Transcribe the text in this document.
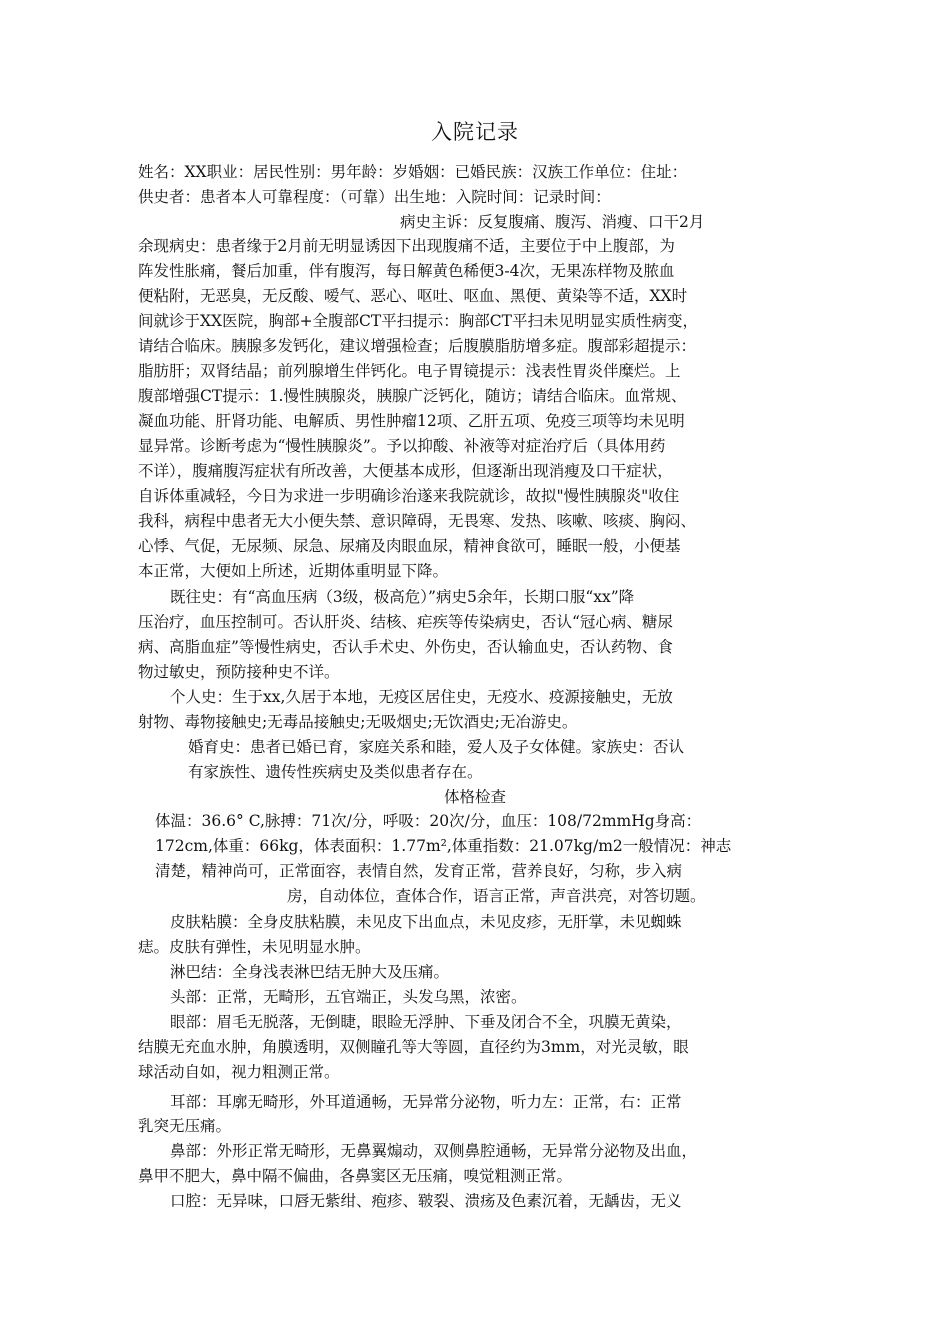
入院记录
姓名：XX职业：居民性别：男年龄：岁婚姻：已婚民族：汉族工作单位：住址：
供史者：患者本人可靠程度：（可靠）出生地：入院时间：记录时间：
病史主诉：反复腹痛、腹泻、消瘦、口干2月
余现病史：患者缘于2月前无明显诱因下出现腹痛不适，主要位于中上腹部，为
阵发性胀痛，餐后加重，伴有腹泻，每日解黄色稀便3-4次，无果冻样物及脓血
便粘附，无恶臭，无反酸、嗳气、恶心、呕吐、呕血、黑便、黄染等不适，XX时
间就诊于XX医院，胸部+全腹部CT平扫提示：胸部CT平扫未见明显实质性病变，
请结合临床。胰腺多发钙化，建议增强检查；后腹膜脂肪增多症。腹部彩超提示：
脂肪肝；双肾结晶；前列腺增生伴钙化。电子胃镜提示：浅表性胃炎伴糜烂。上
腹部增强CT提示：1.慢性胰腺炎，胰腺广泛钙化，随访；请结合临床。血常规、
凝血功能、肝肾功能、电解质、男性肿瘤12项、乙肝五项、免疫三项等均未见明
显异常。诊断考虑为“慢性胰腺炎”。予以抑酸、补液等对症治疗后（具体用药
不详），腹痛腹泻症状有所改善，大便基本成形，但逐渐出现消瘦及口干症状，
自诉体重减轻，今日为求进一步明确诊治遂来我院就诊，故拟"慢性胰腺炎"收住
我科，病程中患者无大小便失禁、意识障碍，无畏寒、发热、咳嗽、咳痰、胸闷、
心悸、气促，无尿频、尿急、尿痛及肉眼血尿，精神食欲可，睡眠一般，小便基
本正常，大便如上所述，近期体重明显下降。
既往史：有“高血压病（3级，极高危）”病史5余年，长期口服“xx”降
压治疗，血压控制可。否认肝炎、结核、疟疾等传染病史，否认“冠心病、糖尿
病、高脂血症”等慢性病史，否认手术史、外伤史，否认输血史，否认药物、食
物过敏史，预防接种史不详。
个人史：生于xx,久居于本地，无疫区居住史，无疫水、疫源接触史，无放
射物、毒物接触史;无毒品接触史;无吸烟史;无饮酒史;无冶游史。
婚育史：患者已婚已育，家庭关系和睦，爱人及子女体健。家族史：否认
有家族性、遗传性疾病史及类似患者存在。
体格检查
体温：36.6° C,脉搏：71次/分，呼吸：20次/分，血压：108/72mmHg身高：
172cm,体重：66kg，体表面积：1.77m²,体重指数：21.07kg/m2一般情况：神志
清楚，精神尚可，正常面容，表情自然，发育正常，营养良好，匀称，步入病
房，自动体位，查体合作，语言正常，声音洪亮，对答切题。
皮肤粘膜：全身皮肤粘膜，未见皮下出血点，未见皮疹，无肝掌，未见蜘蛛
痣。皮肤有弹性，未见明显水肿。
淋巴结：全身浅表淋巴结无肿大及压痛。
头部：正常，无畸形，五官端正，头发乌黑，浓密。
眼部：眉毛无脱落，无倒睫，眼睑无浮肿、下垂及闭合不全，巩膜无黄染，
结膜无充血水肿，角膜透明，双侧瞳孔等大等圆，直径约为3mm，对光灵敏，眼
球活动自如，视力粗测正常。
耳部：耳廓无畸形，外耳道通畅，无异常分泌物，听力左：正常，右：正常
乳突无压痛。
鼻部：外形正常无畸形，无鼻翼煽动，双侧鼻腔通畅，无异常分泌物及出血，
鼻甲不肥大，鼻中隔不偏曲，各鼻窦区无压痛，嗅觉粗测正常。
口腔：无异味，口唇无紫绀、疱疹、皲裂、溃疡及色素沉着，无龋齿，无义
